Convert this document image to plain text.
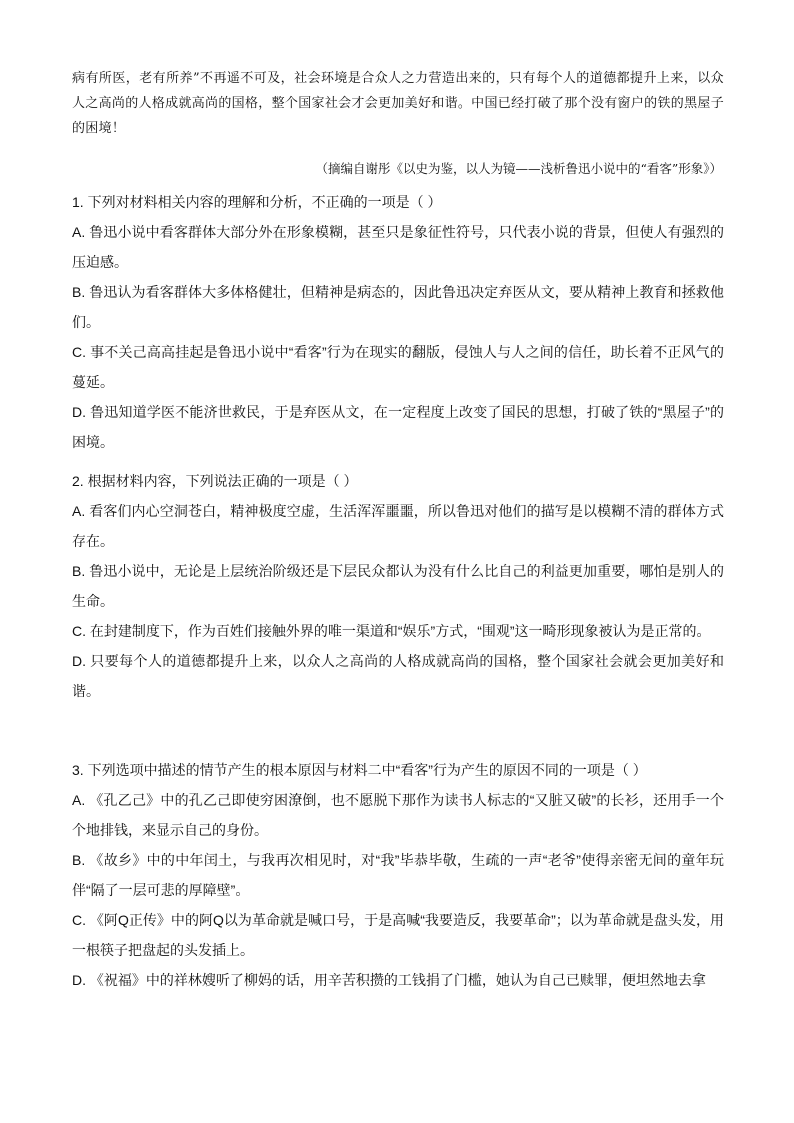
病有所医，老有所养”不再遥不可及，社会环境是合众人之力营造出来的，只有每个人的道德都提升上来，以众人之高尚的人格成就高尚的国格，整个国家社会才会更加美好和谐。中国已经打破了那个没有窗户的铁的黑屋子的困境！

（摘编自谢彤《以史为鉴，以人为镜——浅析鲁迅小说中的“看客”形象》）

1. 下列对材料相关内容的理解和分析，不正确的一项是（ ）

A. 鲁迅小说中看客群体大部分外在形象模糊，甚至只是象征性符号，只代表小说的背景，但使人有强烈的压迫感。

B. 鲁迅认为看客群体大多体格健壮，但精神是病态的，因此鲁迅决定弃医从文，要从精神上教育和拯救他们。

C. 事不关己高高挂起是鲁迅小说中“看客”行为在现实的翻版，侵蚀人与人之间的信任，助长着不正风气的蔓延。

D. 鲁迅知道学医不能济世救民，于是弃医从文，在一定程度上改变了国民的思想，打破了铁的“黑屋子”的困境。

2. 根据材料内容，下列说法正确的一项是（ ）

A. 看客们内心空洞苍白，精神极度空虚，生活浑浑噩噩，所以鲁迅对他们的描写是以模糊不清的群体方式存在。

B. 鲁迅小说中，无论是上层统治阶级还是下层民众都认为没有什么比自己的利益更加重要，哪怕是别人的生命。

C. 在封建制度下，作为百姓们接触外界的唯一渠道和“娱乐”方式，“围观”这一畸形现象被认为是正常的。

D. 只要每个人的道德都提升上来，以众人之高尚的人格成就高尚的国格，整个国家社会就会更加美好和谐。

3. 下列选项中描述的情节产生的根本原因与材料二中“看客”行为产生的原因不同的一项是（ ）

A. 《孔乙己》中的孔乙己即使穷困潦倒，也不愿脱下那作为读书人标志的“又脏又破”的长衫，还用手一个个地排钱，来显示自己的身份。

B. 《故乡》中的中年闰土，与我再次相见时，对“我”毕恭毕敬，生疏的一声“老爷”使得亲密无间的童年玩伴“隔了一层可悲的厚障壁”。

C. 《阿Q正传》中的阿Q以为革命就是喊口号，于是高喊“我要造反，我要革命”；以为革命就是盘头发，用一根筷子把盘起的头发插上。

D. 《祝福》中的祥林嫂听了柳妈的话，用辛苦积攒的工钱捐了门槛，她认为自己已赎罪，便坦然地去拿
